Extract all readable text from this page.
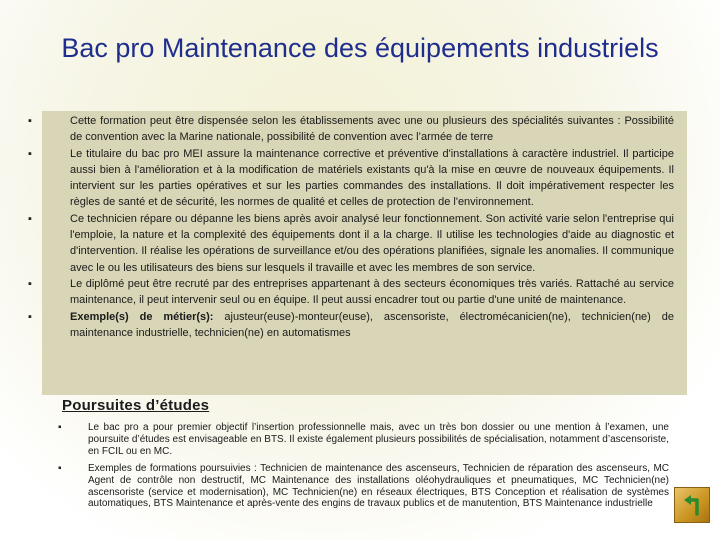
Bac pro Maintenance des équipements industriels
▪	Cette formation peut être dispensée selon les établissements avec une ou plusieurs des spécialités suivantes : Possibilité de convention avec la Marine nationale, possibilité de convention avec l’armée de terre
▪	Le titulaire du bac pro MEI assure la maintenance corrective et préventive d'installations à caractère industriel. Il participe aussi bien à l'amélioration et à la modification de matériels existants qu'à la mise en œuvre de nouveaux équipements. Il intervient sur les parties opératives et sur les parties commandes des installations. Il doit impérativement respecter les règles de santé et de sécurité, les normes de qualité et celles de protection de l'environnement.
▪	Ce technicien répare ou dépanne les biens après avoir analysé leur fonctionnement. Son activité varie selon l'entreprise qui l'emploie, la nature et la complexité des équipements dont il a la charge. Il utilise les technologies d'aide au diagnostic et d'intervention. Il réalise les opérations de surveillance et/ou des opérations planifiées, signale les anomalies. Il communique avec le ou les utilisateurs des biens sur lesquels il travaille et avec les membres de son service.
▪	Le diplômé peut être recruté par des entreprises appartenant à des secteurs économiques très variés. Rattaché au service maintenance, il peut intervenir seul ou en équipe. Il peut aussi encadrer tout ou partie d'une unité de maintenance.
▪	Exemple(s) de métier(s): ajusteur(euse)-monteur(euse), ascensoriste, électromécanicien(ne), technicien(ne) de maintenance industrielle, technicien(ne) en automatismes
Poursuites d’études
▪	Le bac pro a pour premier objectif l’insertion professionnelle mais, avec un très bon dossier ou une mention à l’examen, une poursuite d’études est envisageable en BTS. Il existe également plusieurs possibilités de spécialisation, notamment d’ascensoriste, en FCIL ou en MC.
▪	Exemples de formations poursuivies : Technicien de maintenance des ascenseurs, Technicien de réparation des ascenseurs, MC Agent de contrôle non destructif, MC Maintenance des installations oléohydrauliques et pneumatiques, MC Technicien(ne) ascensoriste (service et modernisation), MC Technicien(ne) en réseaux électriques, BTS Conception et réalisation de systèmes automatiques, BTS Maintenance et après-vente des engins de travaux publics et de manutention, BTS Maintenance industrielle
